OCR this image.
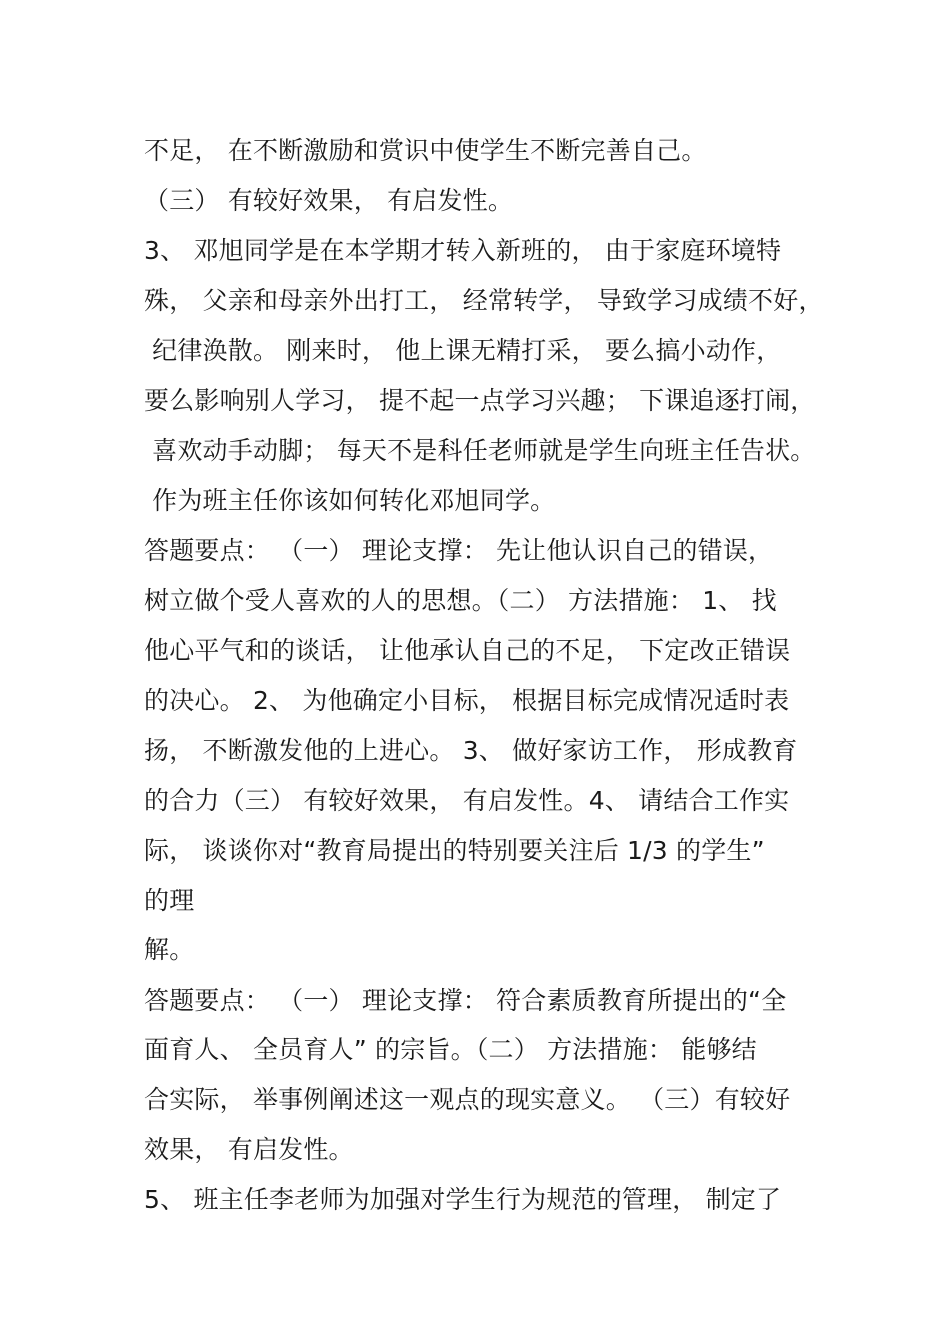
不足， 在不断激励和赏识中使学生不断完善自己。
（三） 有较好效果， 有启发性。
3、 邓旭同学是在本学期才转入新班的， 由于家庭环境特
殊， 父亲和母亲外出打工， 经常转学， 导致学习成绩不好，
纪律涣散。 刚来时， 他上课无精打采， 要么搞小动作，
要么影响别人学习， 提不起一点学习兴趣； 下课追逐打闹，
喜欢动手动脚； 每天不是科任老师就是学生向班主任告状。
作为班主任你该如何转化邓旭同学。
答题要点： （一） 理论支撑： 先让他认识自己的错误，
树立做个受人喜欢的人的思想。（二） 方法措施： 1、 找
他心平气和的谈话， 让他承认自己的不足， 下定改正错误
的决心。 2、 为他确定小目标， 根据目标完成情况适时表
扬， 不断激发他的上进心。 3、 做好家访工作， 形成教育
的合力（三） 有较好效果， 有启发性。4、 请结合工作实
际， 谈谈你对“教育局提出的特别要关注后 1/3 的学生”
的理
解。
答题要点： （一） 理论支撑： 符合素质教育所提出的“全
面育人、 全员育人” 的宗旨。（二） 方法措施： 能够结
合实际， 举事例阐述这一观点的现实意义。 （三）有较好
效果， 有启发性。
5、 班主任李老师为加强对学生行为规范的管理， 制定了
